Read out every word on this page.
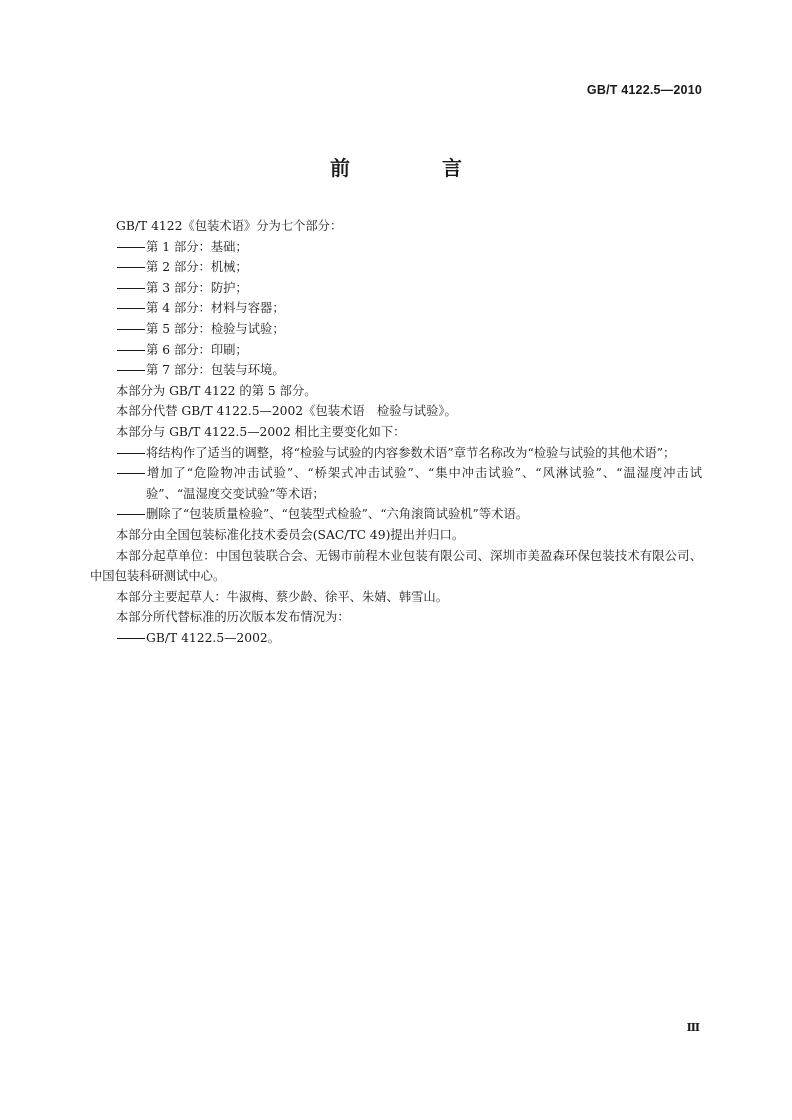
GB/T 4122.5—2010
前　言

GB/T 4122《包装术语》分为七个部分：

第 1 部分：基础；

第 2 部分：机械；

第 3 部分：防护；

第 4 部分：材料与容器；

第 5 部分：检验与试验；

第 6 部分：印刷；

第 7 部分：包装与环境。

本部分为 GB/T 4122 的第 5 部分。

本部分代替 GB/T 4122.5—2002《包装术语　检验与试验》。

本部分与 GB/T 4122.5—2002 相比主要变化如下：

将结构作了适当的调整，将“检验与试验的内容参数术语”章节名称改为“检验与试验的其他术语”；

增加了“危险物冲击试验”、“桥架式冲击试验”、“集中冲击试验”、“风淋试验”、“温湿度冲击试验”、“温湿度交变试验”等术语；

删除了“包装质量检验”、“包装型式检验”、“六角滚筒试验机”等术语。

本部分由全国包装标准化技术委员会(SAC/TC 49)提出并归口。

本部分起草单位：中国包装联合会、无锡市前程木业包装有限公司、深圳市美盈森环保包装技术有限公司、中国包装科研测试中心。

本部分主要起草人：牛淑梅、蔡少龄、徐平、朱婧、韩雪山。

本部分所代替标准的历次版本发布情况为：

GB/T 4122.5—2002。

Ⅲ
